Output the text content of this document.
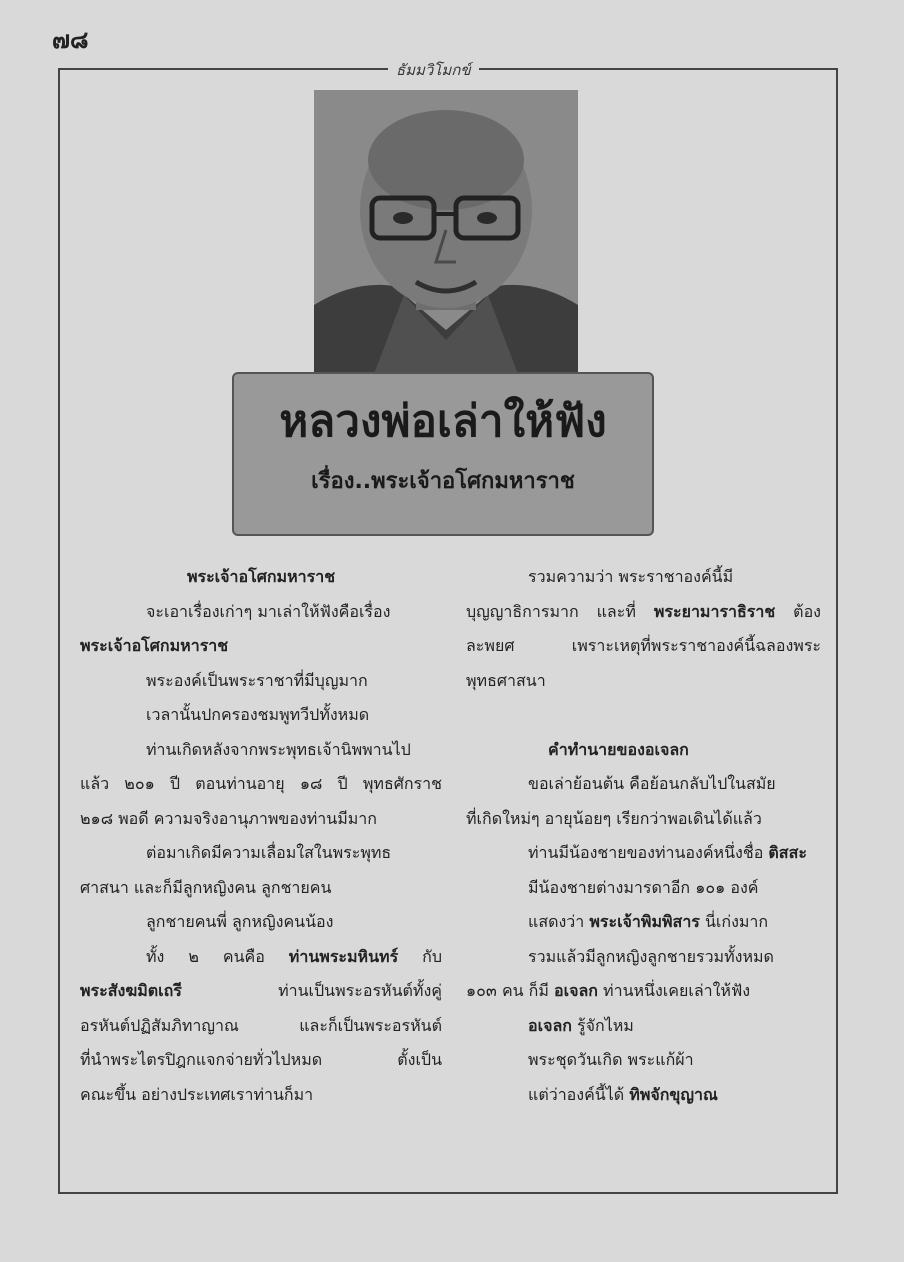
๗๘
ธัมมวิโมกข์
หลวงพ่อเล่าให้ฟัง
เรื่อง..พระเจ้าอโศกมหาราช
พระเจ้าอโศกมหาราช
จะเอาเรื่องเก่าๆ มาเล่าให้ฟังคือเรื่อง
พระเจ้าอโศกมหาราช
พระองค์เป็นพระราชาที่มีบุญมาก
เวลานั้นปกครองชมพูทวีปทั้งหมด
ท่านเกิดหลังจากพระพุทธเจ้านิพพานไป
แล้ว ๒๐๑ ปี ตอนท่านอายุ ๑๘ ปี พุทธศักราช
๒๑๘ พอดี ความจริงอานุภาพของท่านมีมาก
ต่อมาเกิดมีความเลื่อมใสในพระพุทธ
ศาสนา และก็มีลูกหญิงคน ลูกชายคน
ลูกชายคนพี่ ลูกหญิงคนน้อง
ทั้ง ๒ คนคือ ท่านพระมหินทร์ กับ
พระสังฆมิตเถรี ท่านเป็นพระอรหันต์ทั้งคู่
อรหันต์ปฏิสัมภิทาญาณ และก็เป็นพระอรหันต์
ที่นำพระไตรปิฎกแจกจ่ายทั่วไปหมด ตั้งเป็น
คณะขึ้น อย่างประเทศเราท่านก็มา
รวมความว่า พระราชาองค์นี้มี
บุญญาธิการมาก และที่ พระยามาราธิราช ต้อง
ละพยศ เพราะเหตุที่พระราชาองค์นี้ฉลองพระ
พุทธศาสนา

คำทำนายของอเจลก
ขอเล่าย้อนต้น คือย้อนกลับไปในสมัย
ที่เกิดใหม่ๆ อายุน้อยๆ เรียกว่าพอเดินได้แล้ว
ท่านมีน้องชายของท่านองค์หนึ่งชื่อ ติสสะ
มีน้องชายต่างมารดาอีก ๑๐๑ องค์
แสดงว่า พระเจ้าพิมพิสาร นี่เก่งมาก
รวมแล้วมีลูกหญิงลูกชายรวมทั้งหมด
๑๐๓ คน ก็มี อเจลก ท่านหนึ่งเคยเล่าให้ฟัง
อเจลก รู้จักไหม
พระชุดวันเกิด พระแก้ผ้า
แต่ว่าองค์นี้ได้ ทิพจักขุญาณ
